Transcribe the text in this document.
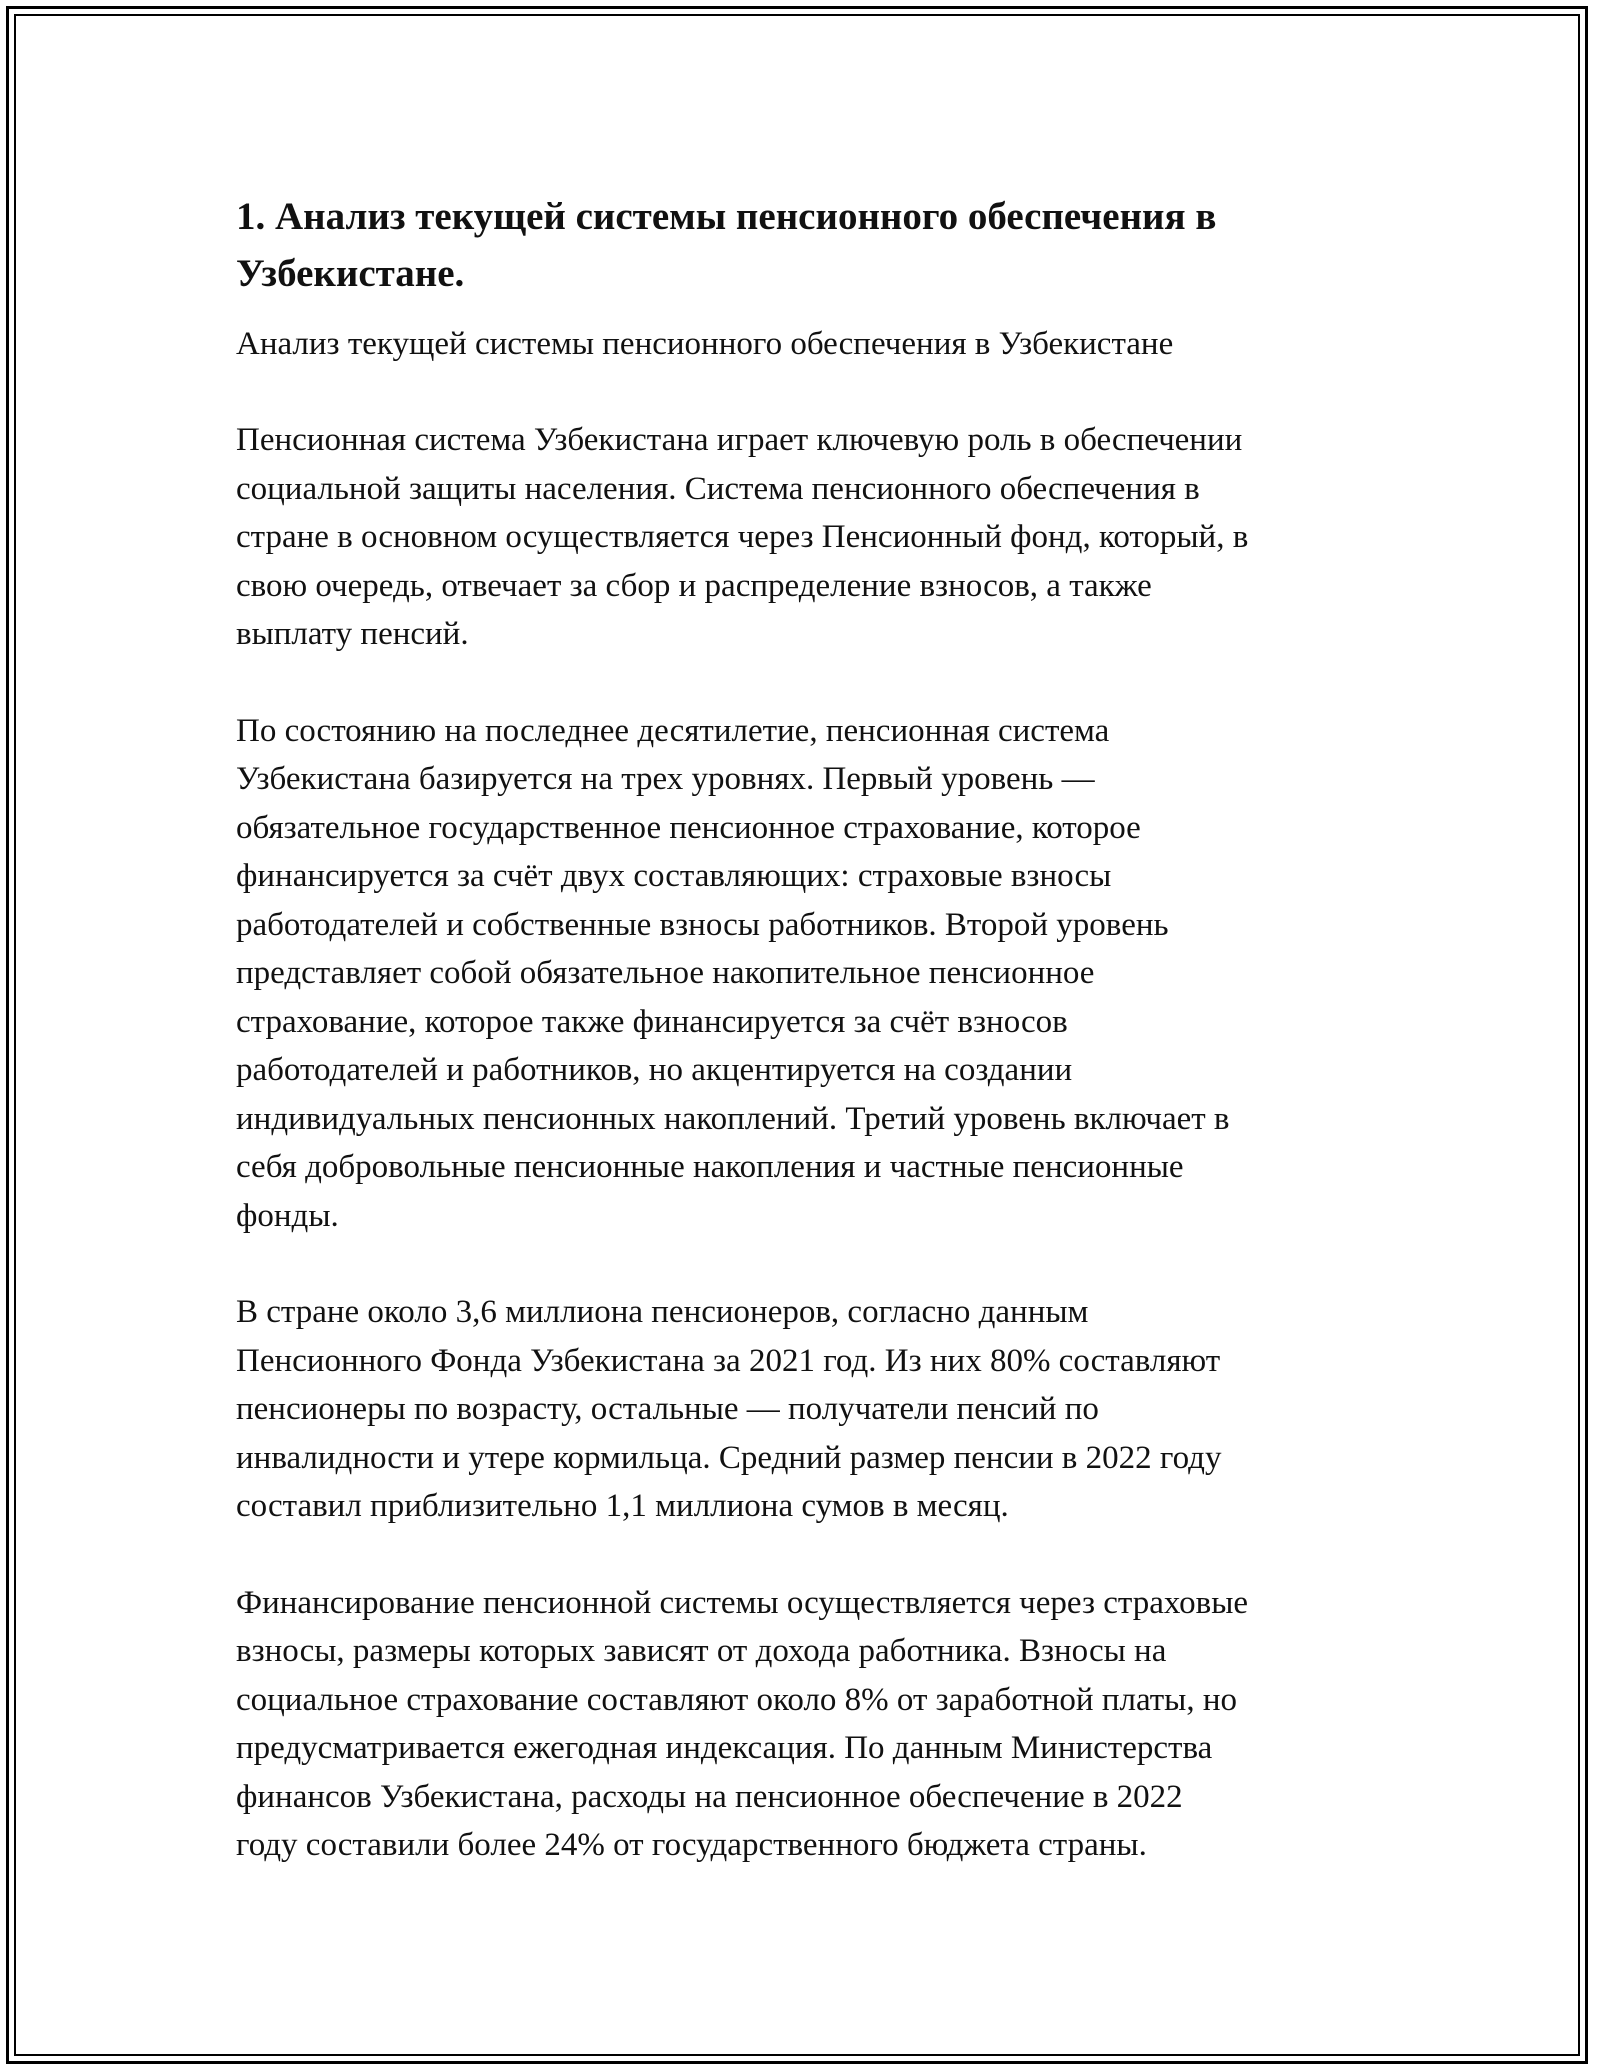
1. Анализ текущей системы пенсионного обеспечения в
Узбекистане.
Анализ текущей системы пенсионного обеспечения в Узбекистане

Пенсионная система Узбекистана играет ключевую роль в обеспечении
социальной защиты населения. Система пенсионного обеспечения в
стране в основном осуществляется через Пенсионный фонд, который, в
свою очередь, отвечает за сбор и распределение взносов, а также
выплату пенсий.

По состоянию на последнее десятилетие, пенсионная система
Узбекистана базируется на трех уровнях. Первый уровень —
обязательное государственное пенсионное страхование, которое
финансируется за счёт двух составляющих: страховые взносы
работодателей и собственные взносы работников. Второй уровень
представляет собой обязательное накопительное пенсионное
страхование, которое также финансируется за счёт взносов
работодателей и работников, но акцентируется на создании
индивидуальных пенсионных накоплений. Третий уровень включает в
себя добровольные пенсионные накопления и частные пенсионные
фонды.

В стране около 3,6 миллиона пенсионеров, согласно данным
Пенсионного Фонда Узбекистана за 2021 год. Из них 80% составляют
пенсионеры по возрасту, остальные — получатели пенсий по
инвалидности и утере кормильца. Средний размер пенсии в 2022 году
составил приблизительно 1,1 миллиона сумов в месяц.

Финансирование пенсионной системы осуществляется через страховые
взносы, размеры которых зависят от дохода работника. Взносы на
социальное страхование составляют около 8% от заработной платы, но
предусматривается ежегодная индексация. По данным Министерства
финансов Узбекистана, расходы на пенсионное обеспечение в 2022
году составили более 24% от государственного бюджета страны.
